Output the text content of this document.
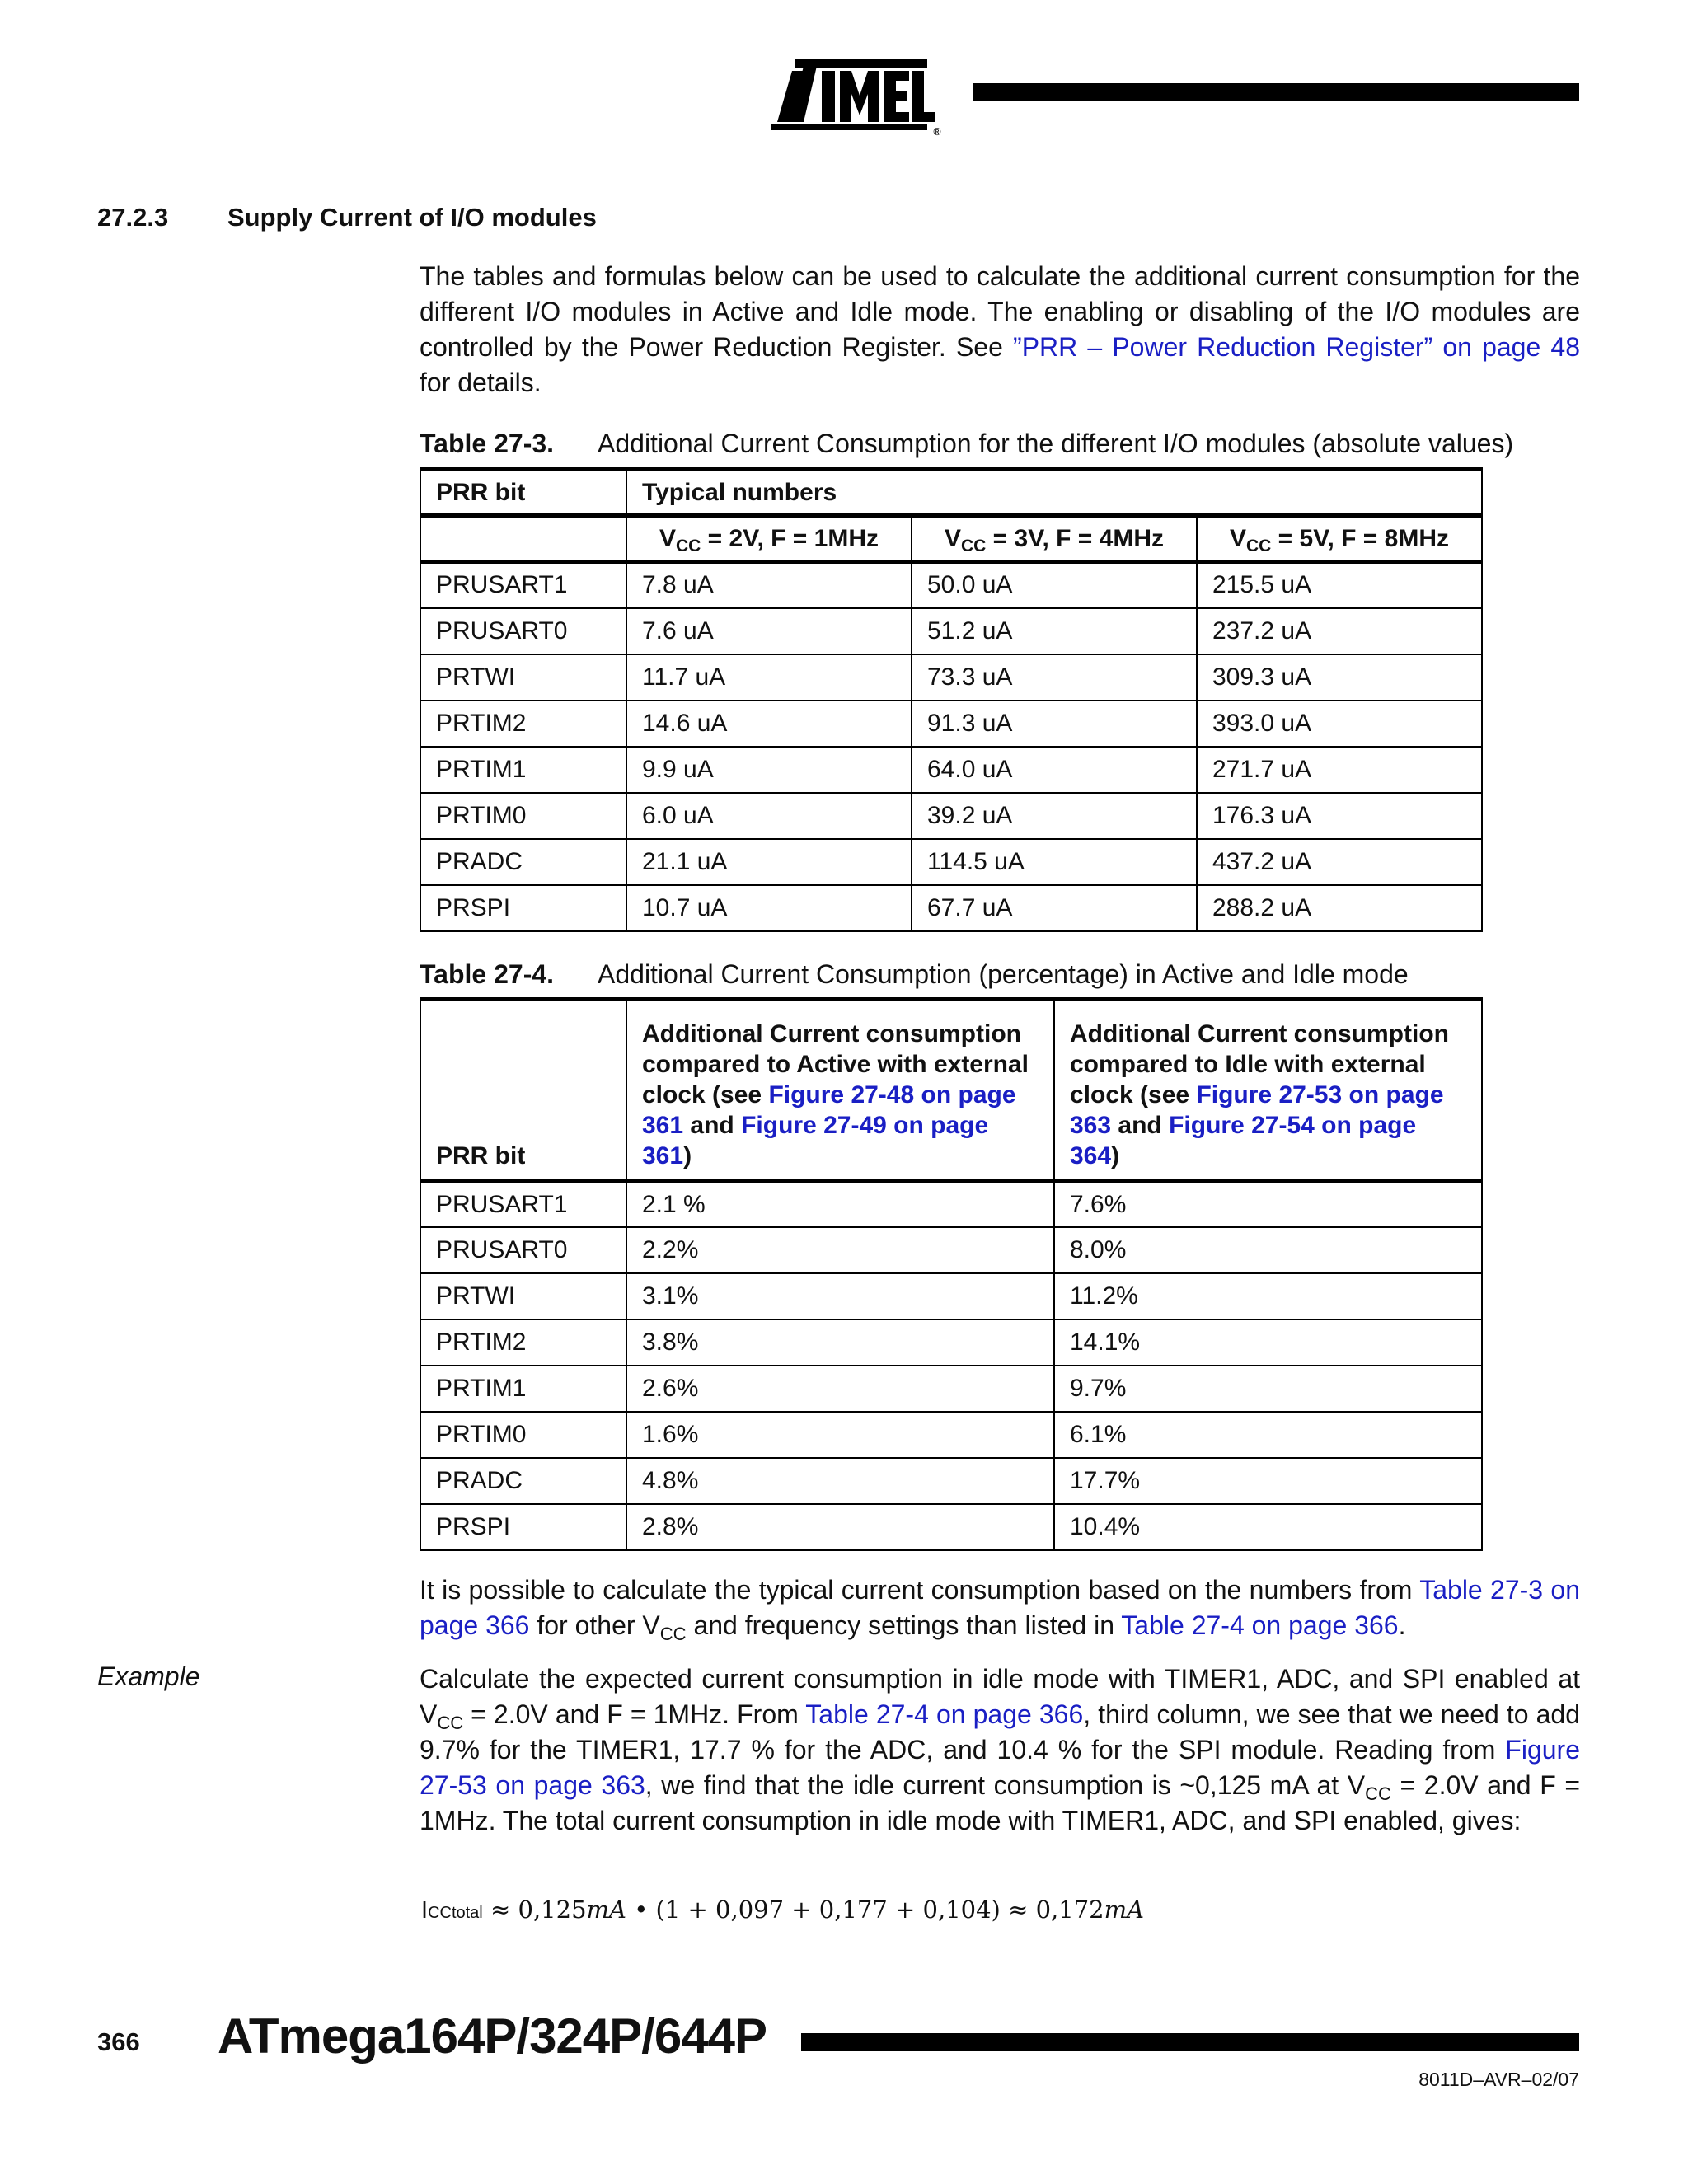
®
27.2.3 Supply Current of I/O modules
The tables and formulas below can be used to calculate the additional current consumption for the different I/O modules in Active and Idle mode. The enabling or disabling of the I/O modules are controlled by the Power Reduction Register. See ”PRR – Power Reduction Register” on page 48 for details.
Table 27-3. Additional Current Consumption for the different I/O modules (absolute values)
PRR bit	Typical numbers		
	$V_{CC} = 2V$, F = 1MHz	$V_{CC} = 3V$, F = 4MHz	$V_{CC} = 5V$, F = 8MHz
PRUSART1	7.8 uA	50.0 uA	215.5 uA
PRUSART0	7.6 uA	51.2 uA	237.2 uA
PRTWI	11.7 uA	73.3 uA	309.3 uA
PRTIM2	14.6 uA	91.3 uA	393.0 uA
PRTIM1	9.9 uA	64.0 uA	271.7 uA
PRTIM0	6.0 uA	39.2 uA	176.3 uA
PRADC	21.1 uA	114.5 uA	437.2 uA
PRSPI	10.7 uA	67.7 uA	288.2 uA
Table 27-4. Additional Current Consumption (percentage) in Active and Idle mode
PRR bit	Additional Current consumption compared to Active with external clock (see Figure 27-48 on page 361 and Figure 27-49 on page 361)	Additional Current consumption compared to Idle with external clock (see Figure 27-53 on page 363 and Figure 27-54 on page 364)
PRUSART1	2.1 %	7.6%
PRUSART0	2.2%	8.0%
PRTWI	3.1%	11.2%
PRTIM2	3.8%	14.1%
PRTIM1	2.6%	9.7%
PRTIM0	1.6%	6.1%
PRADC	4.8%	17.7%
PRSPI	2.8%	10.4%
It is possible to calculate the typical current consumption based on the numbers from Table 27-3 on page 366 for other $V_{CC}$ and frequency settings than listed in Table 27-4 on page 366.
Example	Calculate the expected current consumption in idle mode with TIMER1, ADC, and SPI enabled at $V_{CC} = 2.0V$ and F = 1MHz. From Table 27-4 on page 366, third column, we see that we need to add 9.7% for the TIMER1, 17.7 % for the ADC, and 10.4 % for the SPI module. Reading from Figure 27-53 on page 363, we find that the idle current consumption is ~0,125 mA at $V_{CC} = 2.0V$ and F = 1MHz. The total current consumption in idle mode with TIMER1, ADC, and SPI enabled, gives:
ICCtotal ≈ 0,125mA • (1 + 0,097 + 0,177 + 0,104) ≈ 0,172mA
366 ATmega164P/324P/644P
8011D–AVR–02/07
